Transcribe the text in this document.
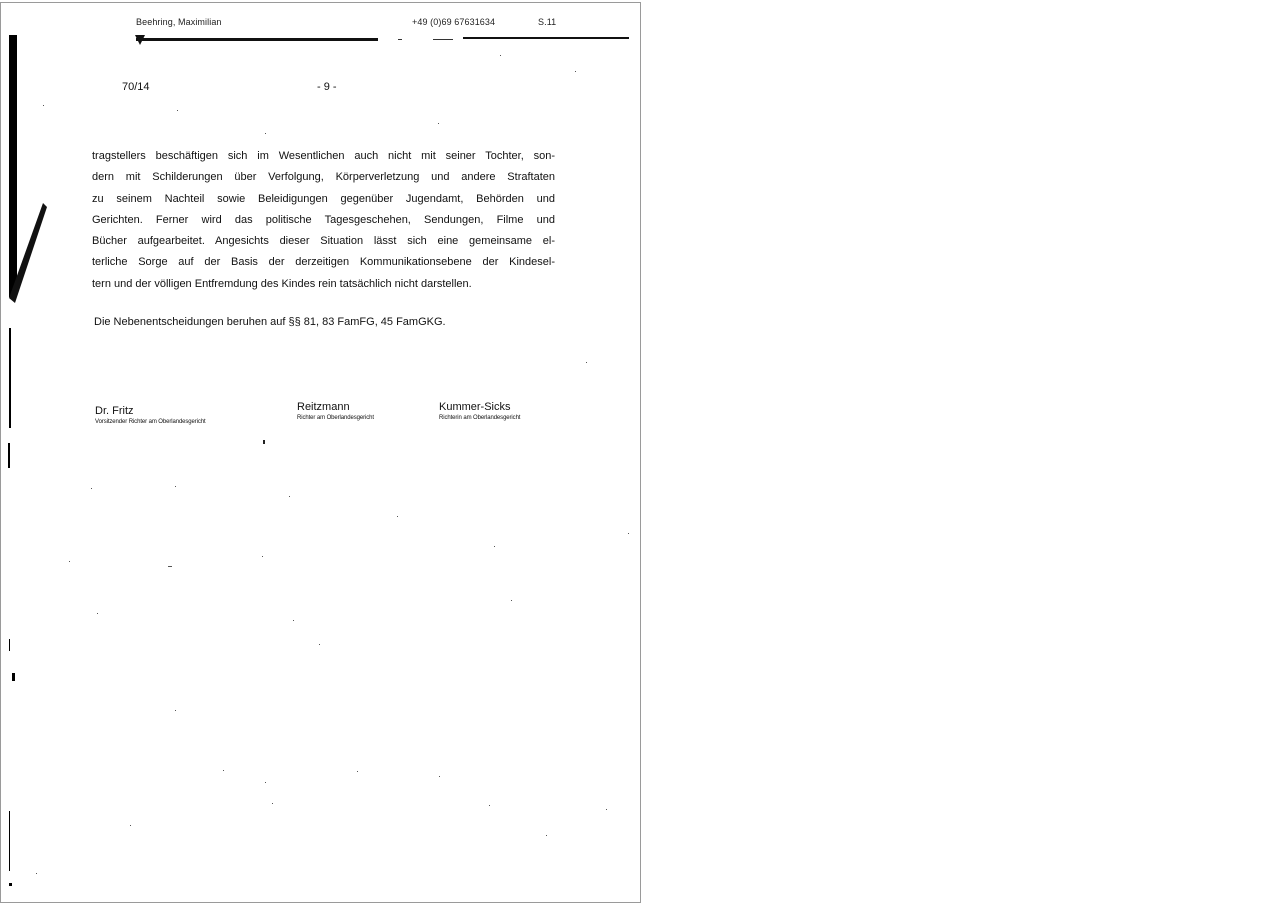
Beehring, Maximilian	+49 (0)69 67631634	S.11
70/14	- 9 -
tragstellers beschäftigen sich im Wesentlichen auch nicht mit seiner Tochter, son-
dern mit Schilderungen über Verfolgung, Körperverletzung und andere Straftaten
zu seinem Nachteil sowie Beleidigungen gegenüber Jugendamt, Behörden und
Gerichten. Ferner wird das politische Tagesgeschehen, Sendungen, Filme und
Bücher aufgearbeitet. Angesichts dieser Situation lässt sich eine gemeinsame el-
terliche Sorge auf der Basis der derzeitigen Kommunikationsebene der Kindesel-
tern und der völligen Entfremdung des Kindes rein tatsächlich nicht darstellen.
Die Nebenentscheidungen beruhen auf §§ 81, 83 FamFG, 45 FamGKG.
Dr. Fritz
Vorsitzender Richter am Oberlandesgericht
Reitzmann
Richter am Oberlandesgericht
Kummer-Sicks
Richterin am Oberlandesgericht
